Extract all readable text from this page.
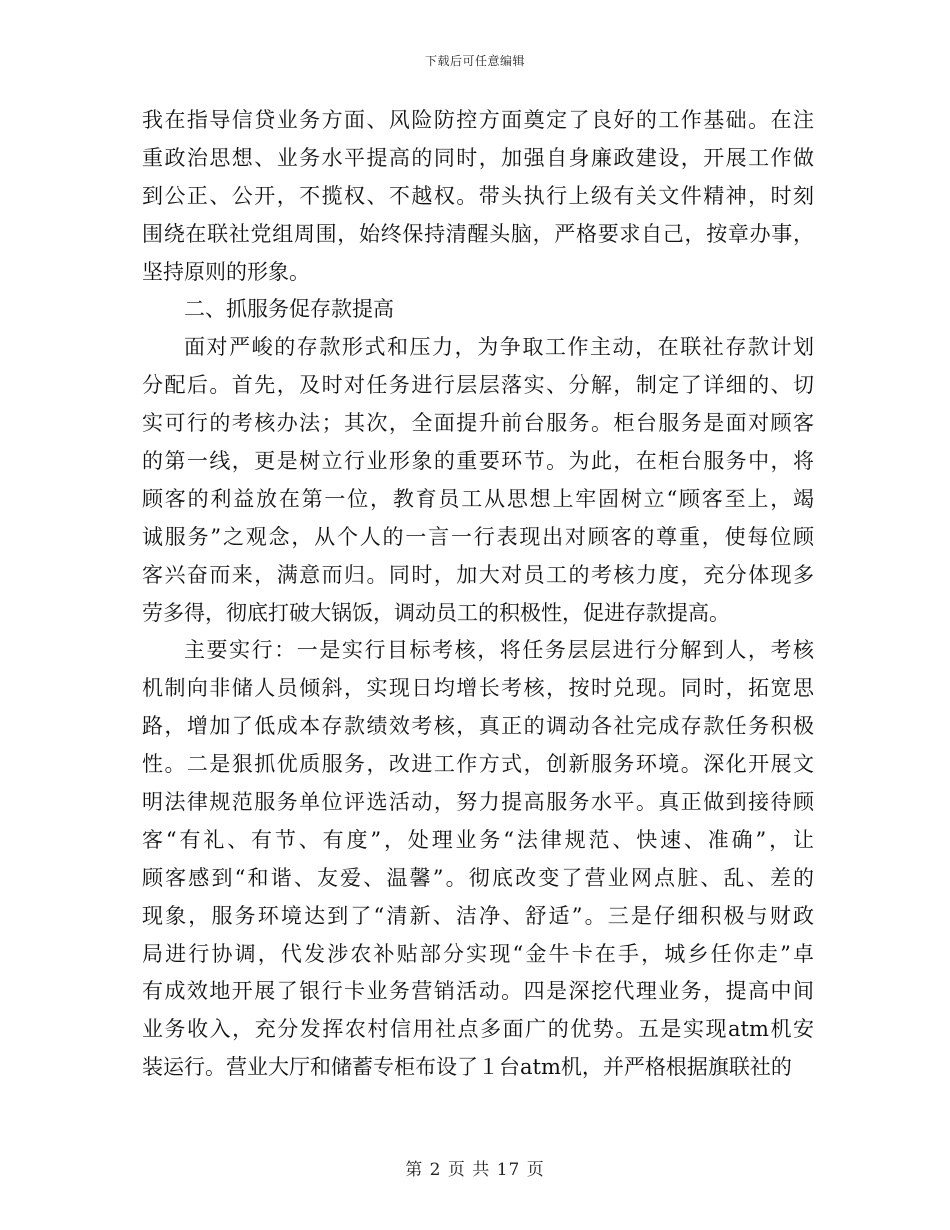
下载后可任意编辑
我在指导信贷业务方面、风险防控方面奠定了良好的工作基础。在注
重政治思想、业务水平提高的同时，加强自身廉政建设，开展工作做
到公正、公开，不揽权、不越权。带头执行上级有关文件精神，时刻
围绕在联社党组周围，始终保持清醒头脑，严格要求自己，按章办事，
坚持原则的形象。
二、抓服务促存款提高
面对严峻的存款形式和压力，为争取工作主动，在联社存款计划
分配后。首先，及时对任务进行层层落实、分解，制定了详细的、切
实可行的考核办法；其次，全面提升前台服务。柜台服务是面对顾客
的第一线，更是树立行业形象的重要环节。为此，在柜台服务中，将
顾客的利益放在第一位，教育员工从思想上牢固树立“顾客至上，竭
诚服务”之观念，从个人的一言一行表现出对顾客的尊重，使每位顾
客兴奋而来，满意而归。同时，加大对员工的考核力度，充分体现多
劳多得，彻底打破大锅饭，调动员工的积极性，促进存款提高。
主要实行：一是实行目标考核，将任务层层进行分解到人，考核
机制向非储人员倾斜，实现日均增长考核，按时兑现。同时，拓宽思
路，增加了低成本存款绩效考核，真正的调动各社完成存款任务积极
性。二是狠抓优质服务，改进工作方式，创新服务环境。深化开展文
明法律规范服务单位评选活动，努力提高服务水平。真正做到接待顾
客“有礼、有节、有度”，处理业务“法律规范、快速、准确”，让
顾客感到“和谐、友爱、温馨”。彻底改变了营业网点脏、乱、差的
现象，服务环境达到了“清新、洁净、舒适”。三是仔细积极与财政
局进行协调，代发涉农补贴部分实现“金牛卡在手，城乡任你走”卓
有成效地开展了银行卡业务营销活动。四是深挖代理业务，提高中间
业务收入，充分发挥农村信用社点多面广的优势。五是实现atm机安
装运行。营业大厅和储蓄专柜布设了１台atm机，并严格根据旗联社的
第 2 页 共 17 页
